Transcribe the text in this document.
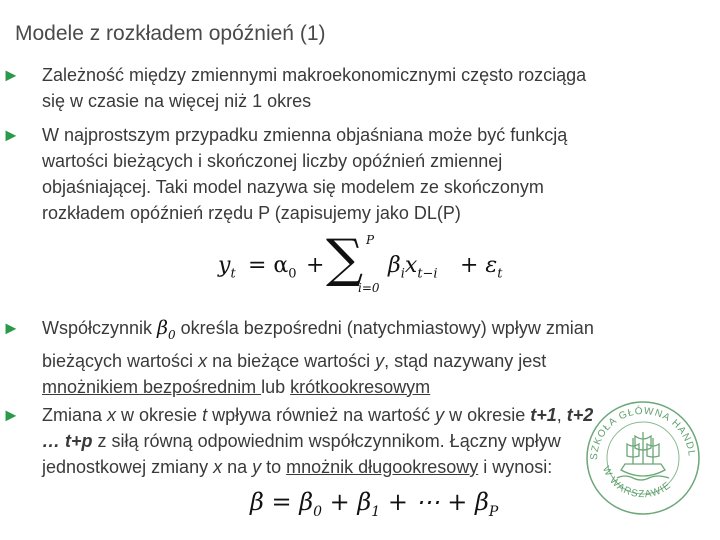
Modele z rozkładem opóźnień (1)
► Zależność między zmiennymi makroekonomicznymi często rozciąga
się w czasie na więcej niż 1 okres
► W najprostszym przypadku zmienna objaśniana może być funkcją
wartości bieżących i skończonej liczby opóźnień zmiennej
objaśniającej. Taki model nazywa się modelem ze skończonym
rozkładem opóźnień rzędu P (zapisujemy jako DL(P)
$y_t = \alpha_0$ +
P
∑
i=0
$\beta_ix_{t-i} + \varepsilon_t$
► Współczynnik $\beta_0$ określa bezpośredni (natychmiastowy) wpływ zmian
bieżących wartości x na bieżące wartości y, stąd nazywany jest
mnożnikiem bezpośrednim lub krótkookresowym
► Zmiana x w okresie t wpływa również na wartość y w okresie t+1, t+2
… t+p z siłą równą odpowiednim współczynnikom. Łączny wpływ
jednostkowej zmiany x na y to mnożnik długookresowy i wynosi:
$\beta = \beta_0 + \beta_1$ + ⋯ + $\beta_P$
SZKOŁA GŁÓWNA HANDL
W WARSZAWIE
